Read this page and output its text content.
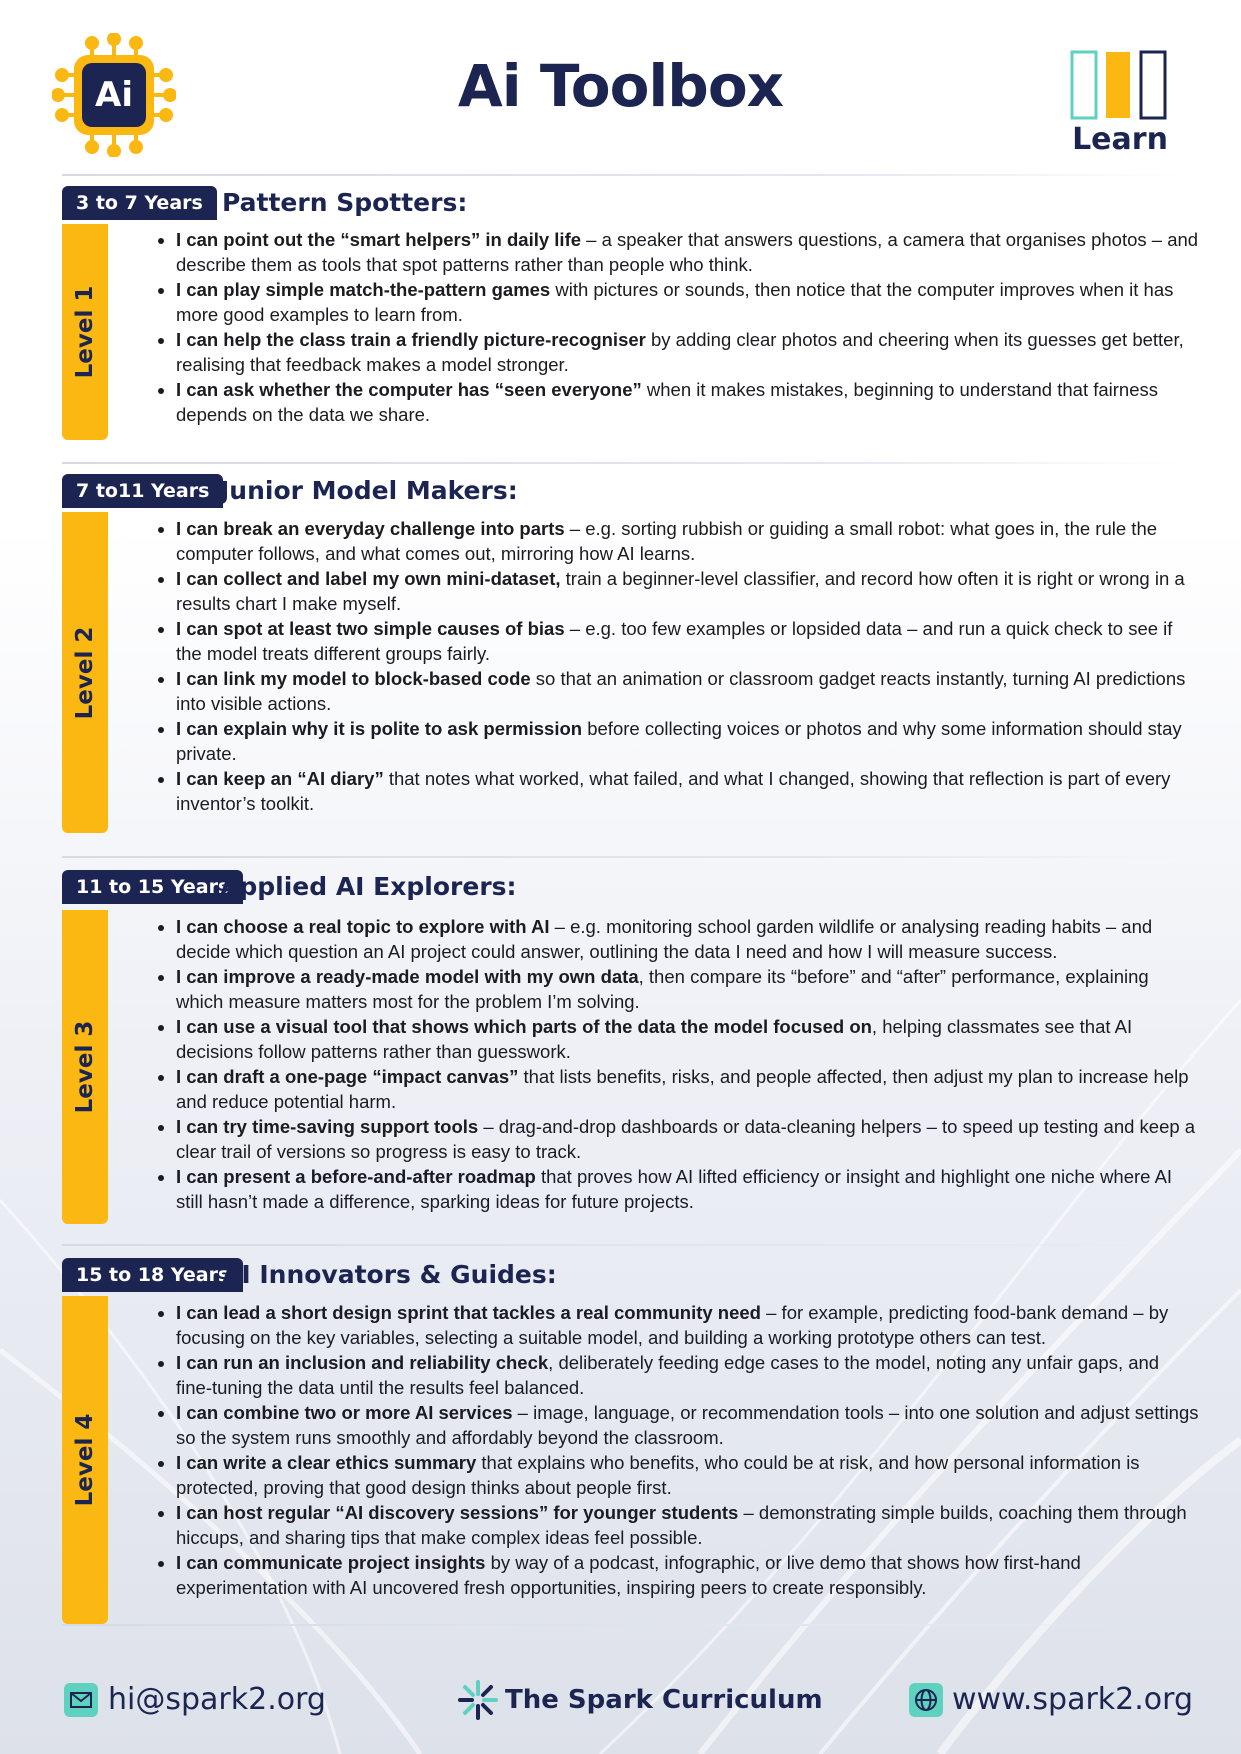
Ai	Ai Toolbox
Learn
3 to 7 Years Pattern Spotters:
Level 1
• I can point out the “smart helpers” in daily life – a speaker that answers questions, a camera that organises photos – and describe them as tools that spot patterns rather than people who think.
• I can play simple match-the-pattern games with pictures or sounds, then notice that the computer improves when it has more good examples to learn from.
• I can help the class train a friendly picture-recogniser by adding clear photos and cheering when its guesses get better, realising that feedback makes a model stronger.
• I can ask whether the computer has “seen everyone” when it makes mistakes, beginning to understand that fairness depends on the data we share.
7 to11 Years Junior Model Makers:
Level 2
• I can break an everyday challenge into parts – e.g. sorting rubbish or guiding a small robot: what goes in, the rule the computer follows, and what comes out, mirroring how AI learns.
• I can collect and label my own mini-dataset, train a beginner-level classifier, and record how often it is right or wrong in a results chart I make myself.
• I can spot at least two simple causes of bias – e.g. too few examples or lopsided data – and run a quick check to see if the model treats different groups fairly.
• I can link my model to block-based code so that an animation or classroom gadget reacts instantly, turning AI predictions into visible actions.
• I can explain why it is polite to ask permission before collecting voices or photos and why some information should stay private.
• I can keep an “AI diary” that notes what worked, what failed, and what I changed, showing that reflection is part of every inventor’s toolkit.
11 to 15 Years
Applied AI Explorers:
Level 3
• I can choose a real topic to explore with AI – e.g. monitoring school garden wildlife or analysing reading habits – and decide which question an AI project could answer, outlining the data I need and how I will measure success.
• I can improve a ready-made model with my own data, then compare its “before” and “after” performance, explaining which measure matters most for the problem I’m solving.
• I can use a visual tool that shows which parts of the data the model focused on, helping classmates see that AI decisions follow patterns rather than guesswork.
• I can draft a one-page “impact canvas” that lists benefits, risks, and people affected, then adjust my plan to increase help and reduce potential harm.
• I can try time-saving support tools – drag-and-drop dashboards or data-cleaning helpers – to speed up testing and keep a clear trail of versions so progress is easy to track.
• I can present a before-and-after roadmap that proves how AI lifted efficiency or insight and highlight one niche where AI still hasn’t made a difference, sparking ideas for future projects.
15 to 18 Years
AI Innovators & Guides:
Level 4
• I can lead a short design sprint that tackles a real community need – for example, predicting food-bank demand – by focusing on the key variables, selecting a suitable model, and building a working prototype others can test.
• I can run an inclusion and reliability check, deliberately feeding edge cases to the model, noting any unfair gaps, and fine-tuning the data until the results feel balanced.
• I can combine two or more AI services – image, language, or recommendation tools – into one solution and adjust settings so the system runs smoothly and affordably beyond the classroom.
• I can write a clear ethics summary that explains who benefits, who could be at risk, and how personal information is protected, proving that good design thinks about people first.
• I can host regular “AI discovery sessions” for younger students – demonstrating simple builds, coaching them through hiccups, and sharing tips that make complex ideas feel possible.
• I can communicate project insights by way of a podcast, infographic, or live demo that shows how first-hand experimentation with AI uncovered fresh opportunities, inspiring peers to create responsibly.
hi@spark2.org	The Spark Curriculum	www.spark2.org
